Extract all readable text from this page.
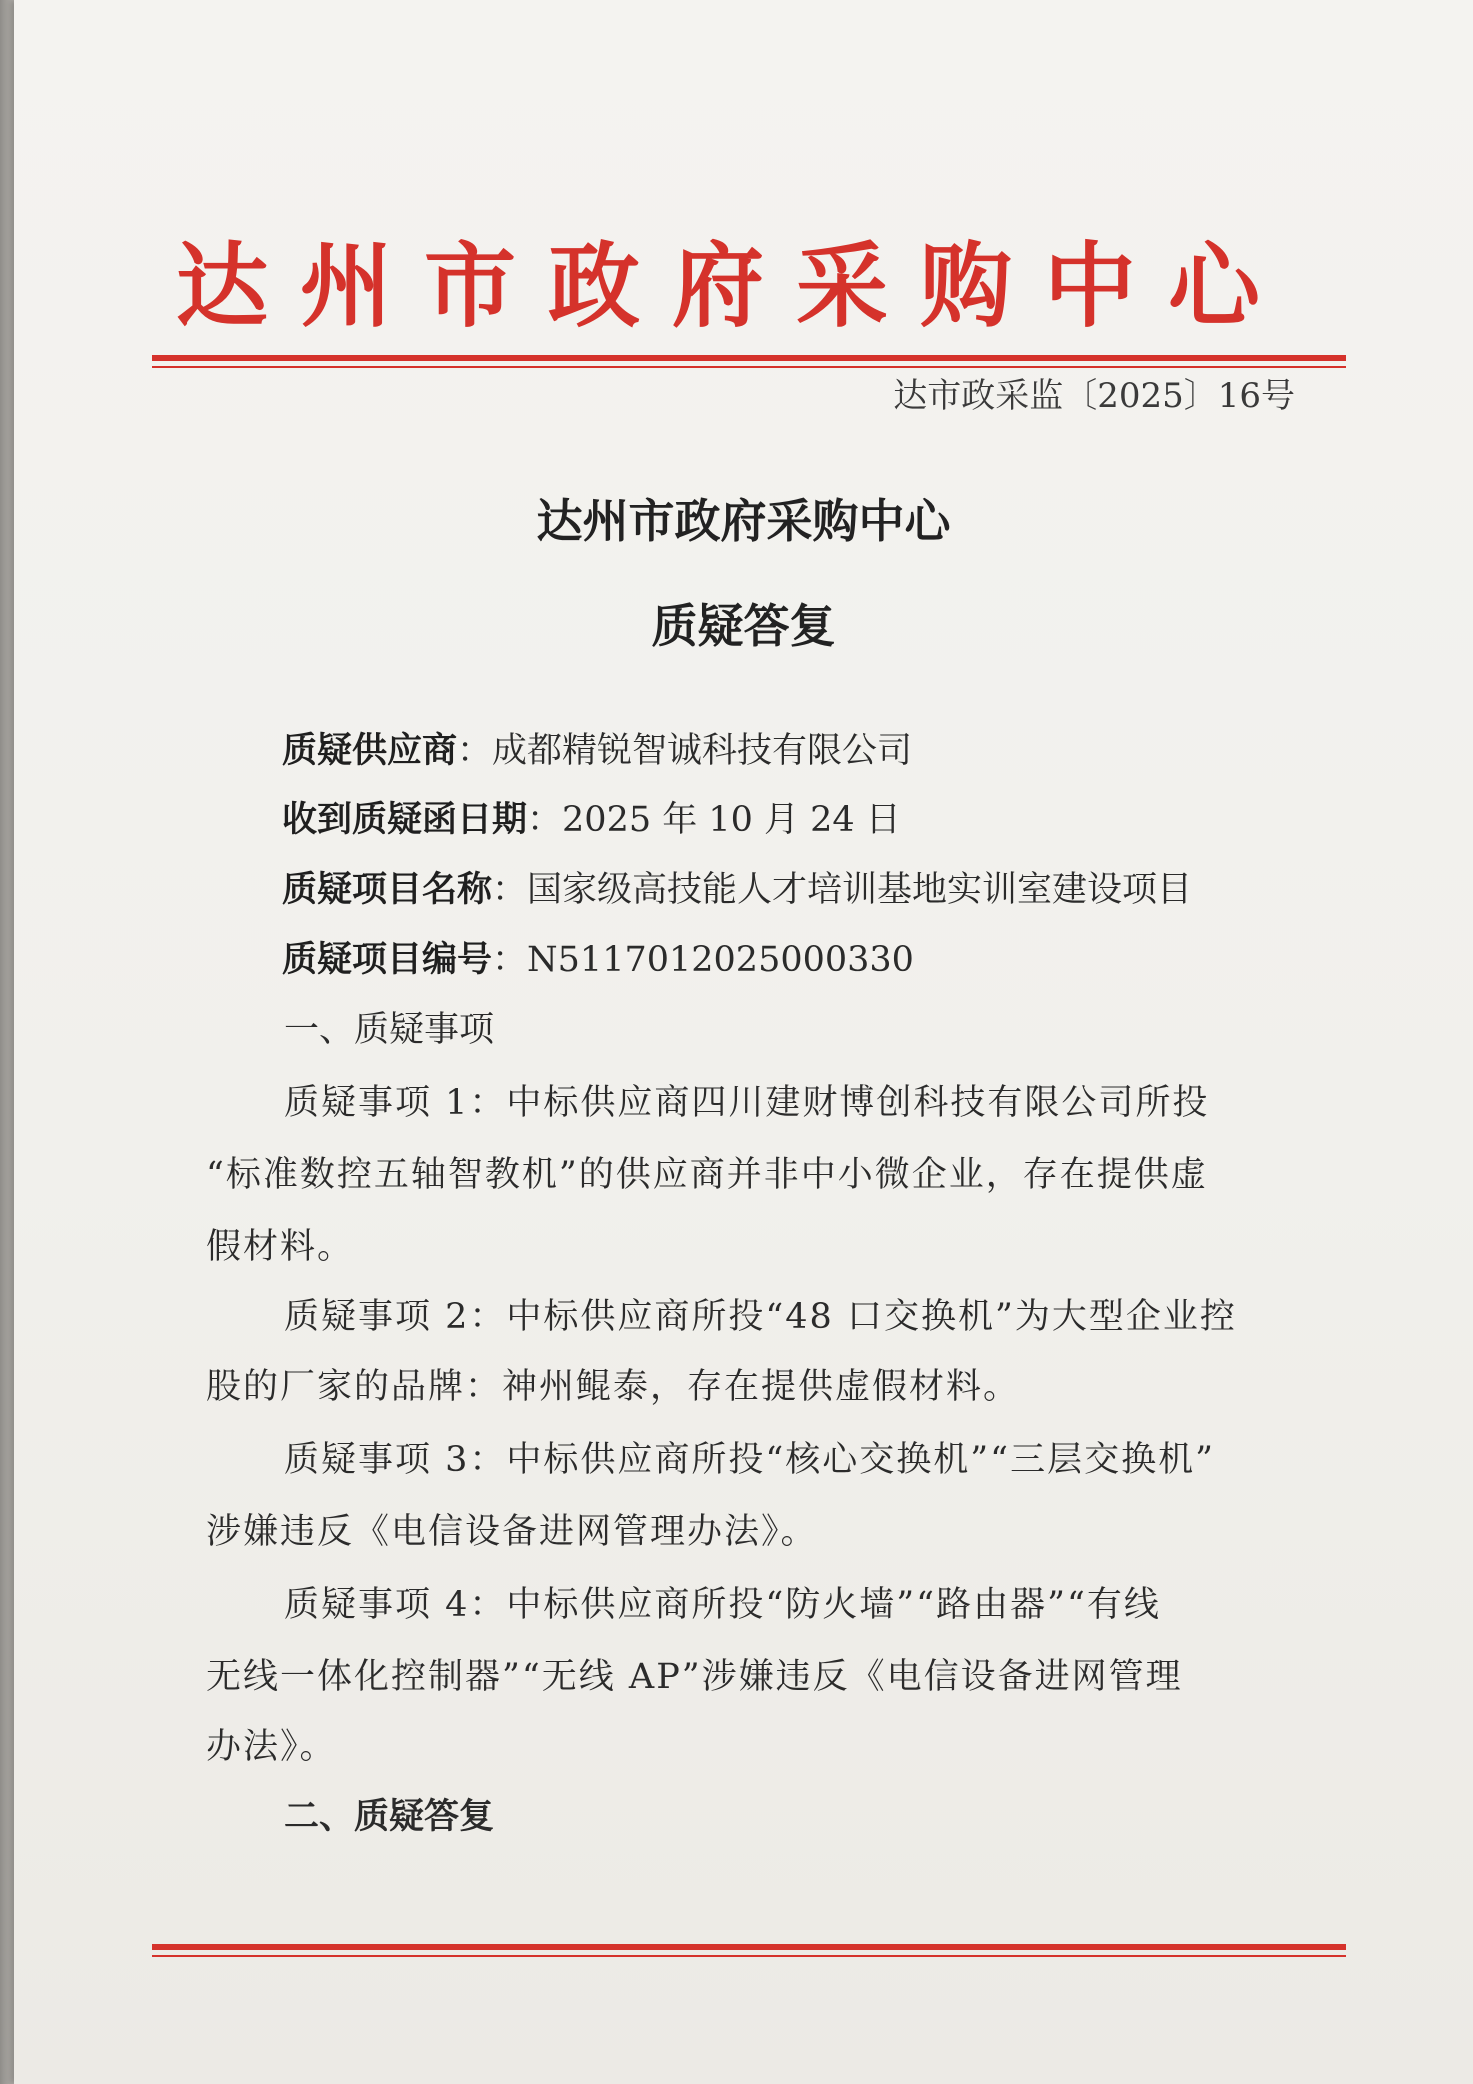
达州市政府采购中心
达市政采监〔2025〕16号
达州市政府采购中心
质疑答复
质疑供应商：成都精锐智诚科技有限公司
收到质疑函日期：2025 年 10 月 24 日
质疑项目名称：国家级高技能人才培训基地实训室建设项目
质疑项目编号：N5117012025000330
一、质疑事项
质疑事项 1：中标供应商四川建财博创科技有限公司所投
“标准数控五轴智教机”的供应商并非中小微企业，存在提供虚
假材料。
质疑事项 2：中标供应商所投“48 口交换机”为大型企业控
股的厂家的品牌：神州鲲泰，存在提供虚假材料。
质疑事项 3：中标供应商所投“核心交换机”“三层交换机”
涉嫌违反《电信设备进网管理办法》。
质疑事项 4：中标供应商所投“防火墙”“路由器”“有线
无线一体化控制器”“无线 AP”涉嫌违反《电信设备进网管理
办法》。
二、质疑答复
